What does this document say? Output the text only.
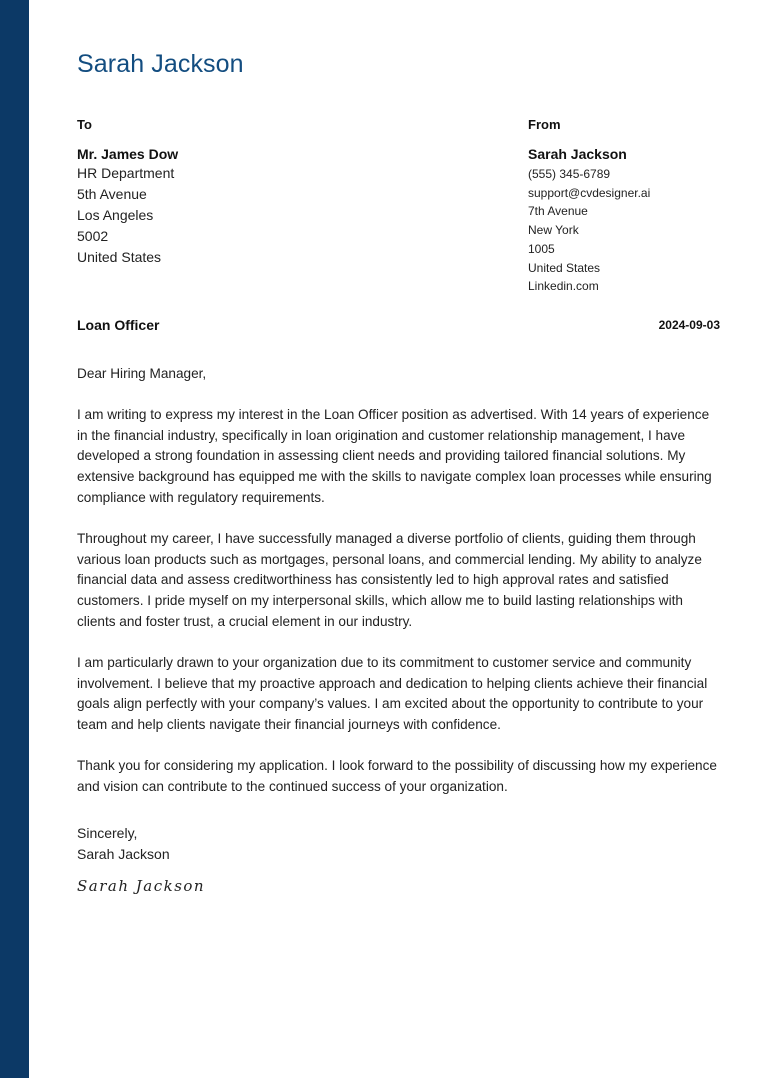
Sarah Jackson
To
Mr. James Dow
HR Department
5th Avenue
Los Angeles
5002
United States
From
Sarah Jackson
(555) 345-6789
support@cvdesigner.ai
7th Avenue
New York
1005
United States
Linkedin.com
Loan Officer	2024-09-03

Dear Hiring Manager,

I am writing to express my interest in the Loan Officer position as advertised. With 14 years of experience in the financial industry, specifically in loan origination and customer relationship management, I have developed a strong foundation in assessing client needs and providing tailored financial solutions. My extensive background has equipped me with the skills to navigate complex loan processes while ensuring compliance with regulatory requirements.

Throughout my career, I have successfully managed a diverse portfolio of clients, guiding them through various loan products such as mortgages, personal loans, and commercial lending. My ability to analyze financial data and assess creditworthiness has consistently led to high approval rates and satisfied customers. I pride myself on my interpersonal skills, which allow me to build lasting relationships with clients and foster trust, a crucial element in our industry.

I am particularly drawn to your organization due to its commitment to customer service and community involvement. I believe that my proactive approach and dedication to helping clients achieve their financial goals align perfectly with your company’s values. I am excited about the opportunity to contribute to your team and help clients navigate their financial journeys with confidence.

Thank you for considering my application. I look forward to the possibility of discussing how my experience and vision can contribute to the continued success of your organization.

Sincerely,
Sarah Jackson
Sarah Jackson
